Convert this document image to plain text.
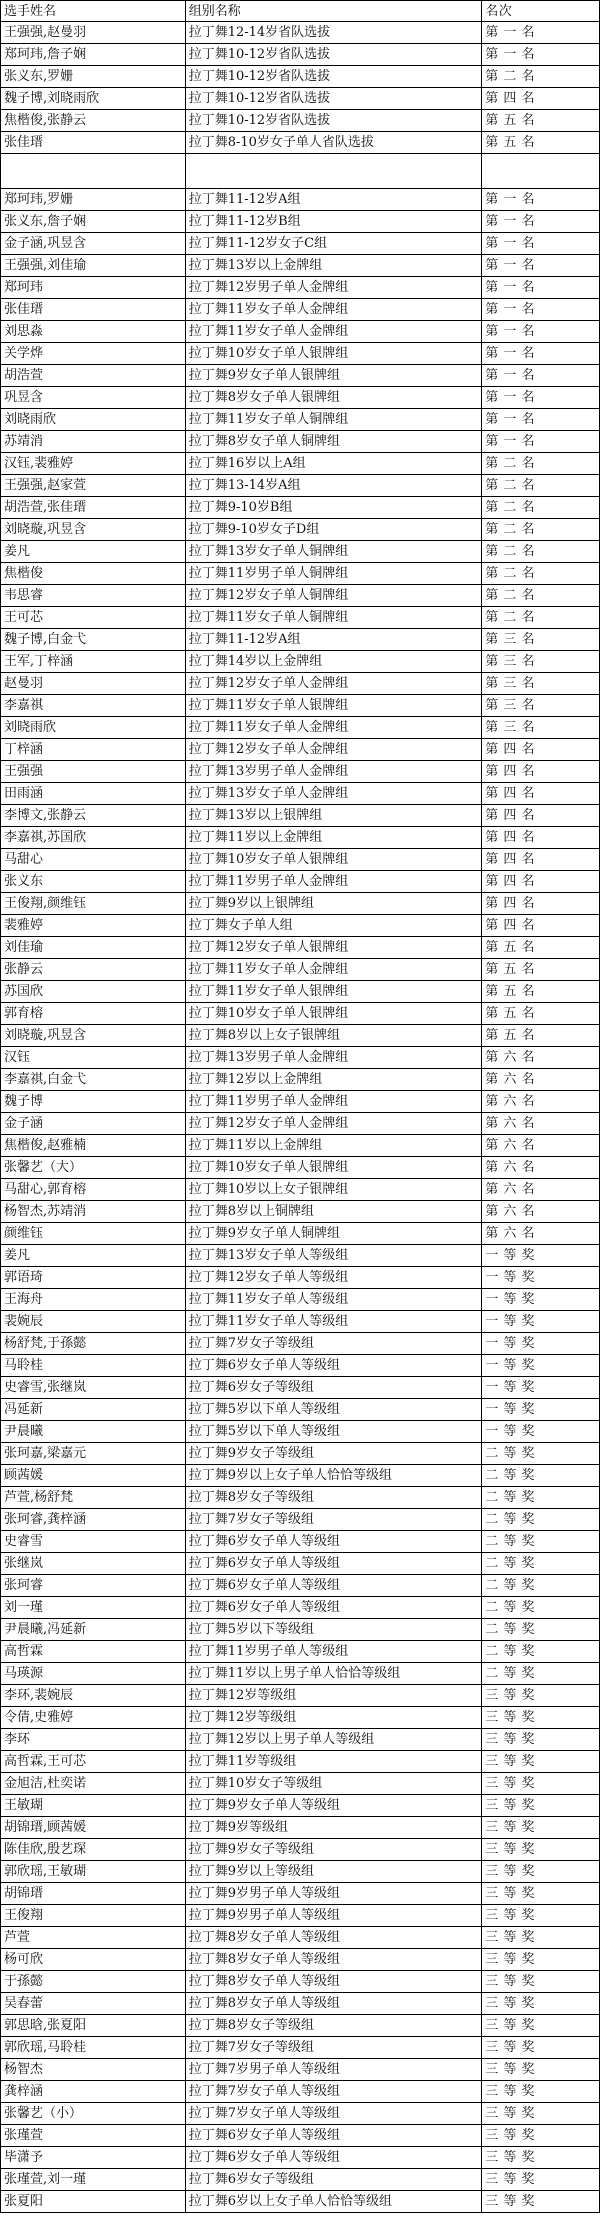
选手姓名	组别名称	名次
王强强,赵曼羽	拉丁舞12-14岁省队选拔	第 一 名
郑珂玮,詹子娴	拉丁舞10-12岁省队选拔	第 一 名
张义东,罗姗	拉丁舞10-12岁省队选拔	第 二 名
魏子博,刘晓雨欣	拉丁舞10-12岁省队选拔	第 四 名
焦楷俊,张静云	拉丁舞10-12岁省队选拔	第 五 名
张佳瑨	拉丁舞8-10岁女子单人省队选拔	第 五 名
郑珂玮,罗姗	拉丁舞11-12岁A组	第 一 名
张义东,詹子娴	拉丁舞11-12岁B组	第 一 名
金子涵,巩昱含	拉丁舞11-12岁女子C组	第 一 名
王强强,刘佳瑜	拉丁舞13岁以上金牌组	第 一 名
郑珂玮	拉丁舞12岁男子单人金牌组	第 一 名
张佳瑨	拉丁舞11岁女子单人金牌组	第 一 名
刘思淼	拉丁舞11岁女子单人金牌组	第 一 名
关学烨	拉丁舞10岁女子单人银牌组	第 一 名
胡浩萱	拉丁舞9岁女子单人银牌组	第 一 名
巩昱含	拉丁舞8岁女子单人银牌组	第 一 名
刘晓雨欣	拉丁舞11岁女子单人铜牌组	第 一 名
苏靖消	拉丁舞8岁女子单人铜牌组	第 一 名
汉钰,裴雅婷	拉丁舞16岁以上A组	第 二 名
王强强,赵家萱	拉丁舞13-14岁A组	第 二 名
胡浩萱,张佳瑨	拉丁舞9-10岁B组	第 二 名
刘晓璇,巩昱含	拉丁舞9-10岁女子D组	第 二 名
姜凡	拉丁舞13岁女子单人铜牌组	第 二 名
焦楷俊	拉丁舞11岁男子单人铜牌组	第 二 名
韦思睿	拉丁舞12岁女子单人铜牌组	第 二 名
王可芯	拉丁舞11岁女子单人铜牌组	第 二 名
魏子博,白金弋	拉丁舞11-12岁A组	第 三 名
王军,丁梓涵	拉丁舞14岁以上金牌组	第 三 名
赵曼羽	拉丁舞12岁女子单人金牌组	第 三 名
李嘉祺	拉丁舞11岁女子单人银牌组	第 三 名
刘晓雨欣	拉丁舞11岁女子单人金牌组	第 三 名
丁梓涵	拉丁舞12岁女子单人金牌组	第 四 名
王强强	拉丁舞13岁男子单人金牌组	第 四 名
田雨涵	拉丁舞13岁女子单人金牌组	第 四 名
李博文,张静云	拉丁舞13岁以上银牌组	第 四 名
李嘉祺,苏国欣	拉丁舞11岁以上金牌组	第 四 名
马甜心	拉丁舞10岁女子单人银牌组	第 四 名
张义东	拉丁舞11岁男子单人金牌组	第 四 名
王俊翔,颜维钰	拉丁舞9岁以上银牌组	第 四 名
裴雅婷	拉丁舞女子单人组	第 四 名
刘佳瑜	拉丁舞12岁女子单人银牌组	第 五 名
张静云	拉丁舞11岁女子单人金牌组	第 五 名
苏国欣	拉丁舞11岁女子单人银牌组	第 五 名
郭育榕	拉丁舞10岁女子单人银牌组	第 五 名
刘晓璇,巩昱含	拉丁舞8岁以上女子银牌组	第 五 名
汉钰	拉丁舞13岁男子单人金牌组	第 六 名
李嘉祺,白金弋	拉丁舞12岁以上金牌组	第 六 名
魏子博	拉丁舞11岁男子单人金牌组	第 六 名
金子涵	拉丁舞12岁女子单人金牌组	第 六 名
焦楷俊,赵雅楠	拉丁舞11岁以上金牌组	第 六 名
张馨艺（大）	拉丁舞10岁女子单人银牌组	第 六 名
马甜心,郭育榕	拉丁舞10岁以上女子银牌组	第 六 名
杨智杰,苏靖消	拉丁舞8岁以上铜牌组	第 六 名
颜维钰	拉丁舞9岁女子单人铜牌组	第 六 名
姜凡	拉丁舞13岁女子单人等级组	一 等 奖
郭语琦	拉丁舞12岁女子单人等级组	一 等 奖
王海舟	拉丁舞11岁女子单人等级组	一 等 奖
裴婉辰	拉丁舞11岁女子单人等级组	一 等 奖
杨舒梵,于孫懿	拉丁舞7岁女子等级组	一 等 奖
马聆桂	拉丁舞6岁女子单人等级组	一 等 奖
史睿雪,张继岚	拉丁舞6岁女子等级组	一 等 奖
冯延新	拉丁舞5岁以下单人等级组	一 等 奖
尹晨曦	拉丁舞5岁以下单人等级组	一 等 奖
张珂嘉,梁嘉元	拉丁舞9岁女子等级组	二 等 奖
顾茜媛	拉丁舞9岁以上女子单人恰恰等级组	二 等 奖
芦萱,杨舒梵	拉丁舞8岁女子等级组	二 等 奖
张珂睿,龚梓涵	拉丁舞7岁女子等级组	二 等 奖
史睿雪	拉丁舞6岁女子单人等级组	二 等 奖
张继岚	拉丁舞6岁女子单人等级组	二 等 奖
张珂睿	拉丁舞6岁女子单人等级组	二 等 奖
刘一瑾	拉丁舞6岁女子单人等级组	二 等 奖
尹晨曦,冯延新	拉丁舞5岁以下等级组	二 等 奖
高哲霖	拉丁舞11岁男子单人等级组	二 等 奖
马瑛源	拉丁舞11岁以上男子单人恰恰等级组	二 等 奖
李环,裴婉辰	拉丁舞12岁等级组	三 等 奖
令倩,史雅婷	拉丁舞12岁等级组	三 等 奖
李环	拉丁舞12岁以上男子单人等级组	三 等 奖
高哲霖,王可芯	拉丁舞11岁等级组	三 等 奖
金旭洁,杜奕诺	拉丁舞10岁女子等级组	三 等 奖
王敏瑚	拉丁舞9岁女子单人等级组	三 等 奖
胡锦瑨,顾茜媛	拉丁舞9岁等级组	三 等 奖
陈佳欣,殷艺琛	拉丁舞9岁女子等级组	三 等 奖
郭欣瑶,王敏瑚	拉丁舞9岁以上等级组	三 等 奖
胡锦瑨	拉丁舞9岁男子单人等级组	三 等 奖
王俊翔	拉丁舞9岁男子单人等级组	三 等 奖
芦萱	拉丁舞8岁女子单人等级组	三 等 奖
杨可欣	拉丁舞8岁女子单人等级组	三 等 奖
于孫懿	拉丁舞8岁女子单人等级组	三 等 奖
吴春蕾	拉丁舞8岁女子单人等级组	三 等 奖
郭思晗,张夏阳	拉丁舞8岁女子等级组	三 等 奖
郭欣瑶,马聆桂	拉丁舞7岁女子等级组	三 等 奖
杨智杰	拉丁舞7岁男子单人等级组	三 等 奖
龚梓涵	拉丁舞7岁女子单人等级组	三 等 奖
张馨艺（小）	拉丁舞7岁女子单人等级组	三 等 奖
张瑾萱	拉丁舞6岁女子单人等级组	三 等 奖
毕潇予	拉丁舞6岁女子单人等级组	三 等 奖
张瑾萱,刘一瑾	拉丁舞6岁女子等级组	三 等 奖
张夏阳	拉丁舞6岁以上女子单人恰恰等级组	三 等 奖
